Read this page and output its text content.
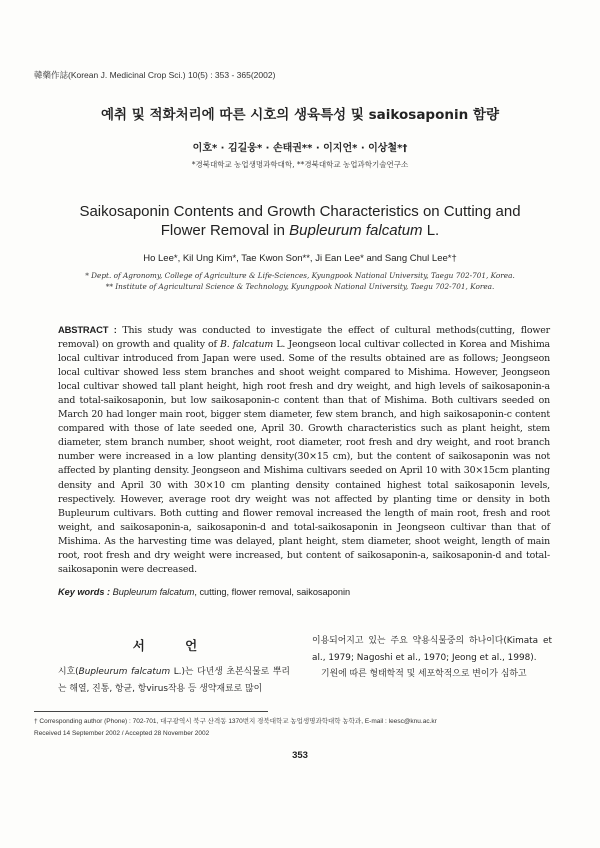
韓藥作誌(Korean J. Medicinal Crop Sci.) 10(5) : 353 - 365(2002)
예취 및 적화처리에 따른 시호의 생육특성 및 saikosaponin 함량
이호* · 김길웅* · 손태권** · 이지언* · 이상철*†
*경북대학교 농업생명과학대학, **경북대학교 농업과학기술연구소
Saikosaponin Contents and Growth Characteristics on Cutting and
Flower Removal in Bupleurum falcatum L.
Ho Lee*, Kil Ung Kim*, Tae Kwon Son**, Ji Ean Lee* and Sang Chul Lee*†
* Dept. of Agronomy, College of Agriculture & Life-Sciences, Kyungpook National University, Taegu 702-701, Korea.
** Institute of Agricultural Science & Technology, Kyungpook National University, Taegu 702-701, Korea.
ABSTRACT : This study was conducted to investigate the effect of cultural methods(cutting, flower removal) on growth and quality of B. falcatum L. Jeongseon local cultivar collected in Korea and Mishima local cultivar introduced from Japan were used. Some of the results obtained are as follows; Jeongseon local cultivar showed less stem branches and shoot weight compared to Mishima. However, Jeongseon local cultivar showed tall plant height, high root fresh and dry weight, and high levels of saikosaponin-a and total-saikosaponin, but low saikosaponin-c content than that of Mishima. Both cultivars seeded on March 20 had longer main root, bigger stem diameter, few stem branch, and high saikosaponin-c content compared with those of late seeded one, April 30. Growth characteristics such as plant height, stem diameter, stem branch number, shoot weight, root diameter, root fresh and dry weight, and root branch number were increased in a low planting density(30×15 cm), but the content of saikosaponin was not affected by planting density. Jeongseon and Mishima cultivars seeded on April 10 with 30×15cm planting density and April 30 with 30×10 cm planting density contained highest total saikosaponin levels, respectively. However, average root dry weight was not affected by planting time or density in both Bupleurum cultivars. Both cutting and flower removal increased the length of main root, fresh and root weight, and saikosaponin-a, saikosaponin-d and total-saikosaponin in Jeongseon cultivar than that of Mishima. As the harvesting time was delayed, plant height, stem diameter, shoot weight, length of main root, root fresh and dry weight were increased, but content of saikosaponin-a, saikosaponin-d and total-saikosaponin were decreased.
Key words : Bupleurum falcatum, cutting, flower removal, saikosaponin
서 언
시호(Bupleurum falcatum L.)는 다년생 초본식물로 뿌리는 해열, 진통, 항균, 항virus작용 등 생약재료로 많이
이용되어지고 있는 주요 약용식물중의 하나이다(Kimata et al., 1979; Nagoshi et al., 1970; Jeong et al., 1998).
기원에 따른 형태학적 및 세포학적으로 변이가 심하고
† Corresponding author (Phone) : 702-701, 대구광역시 북구 산격동 1370번지 경북대학교 농업생명과학대학 농학과, E-mail : leesc@knu.ac.kr
Received 14 September 2002 / Accepted 28 November 2002
353
